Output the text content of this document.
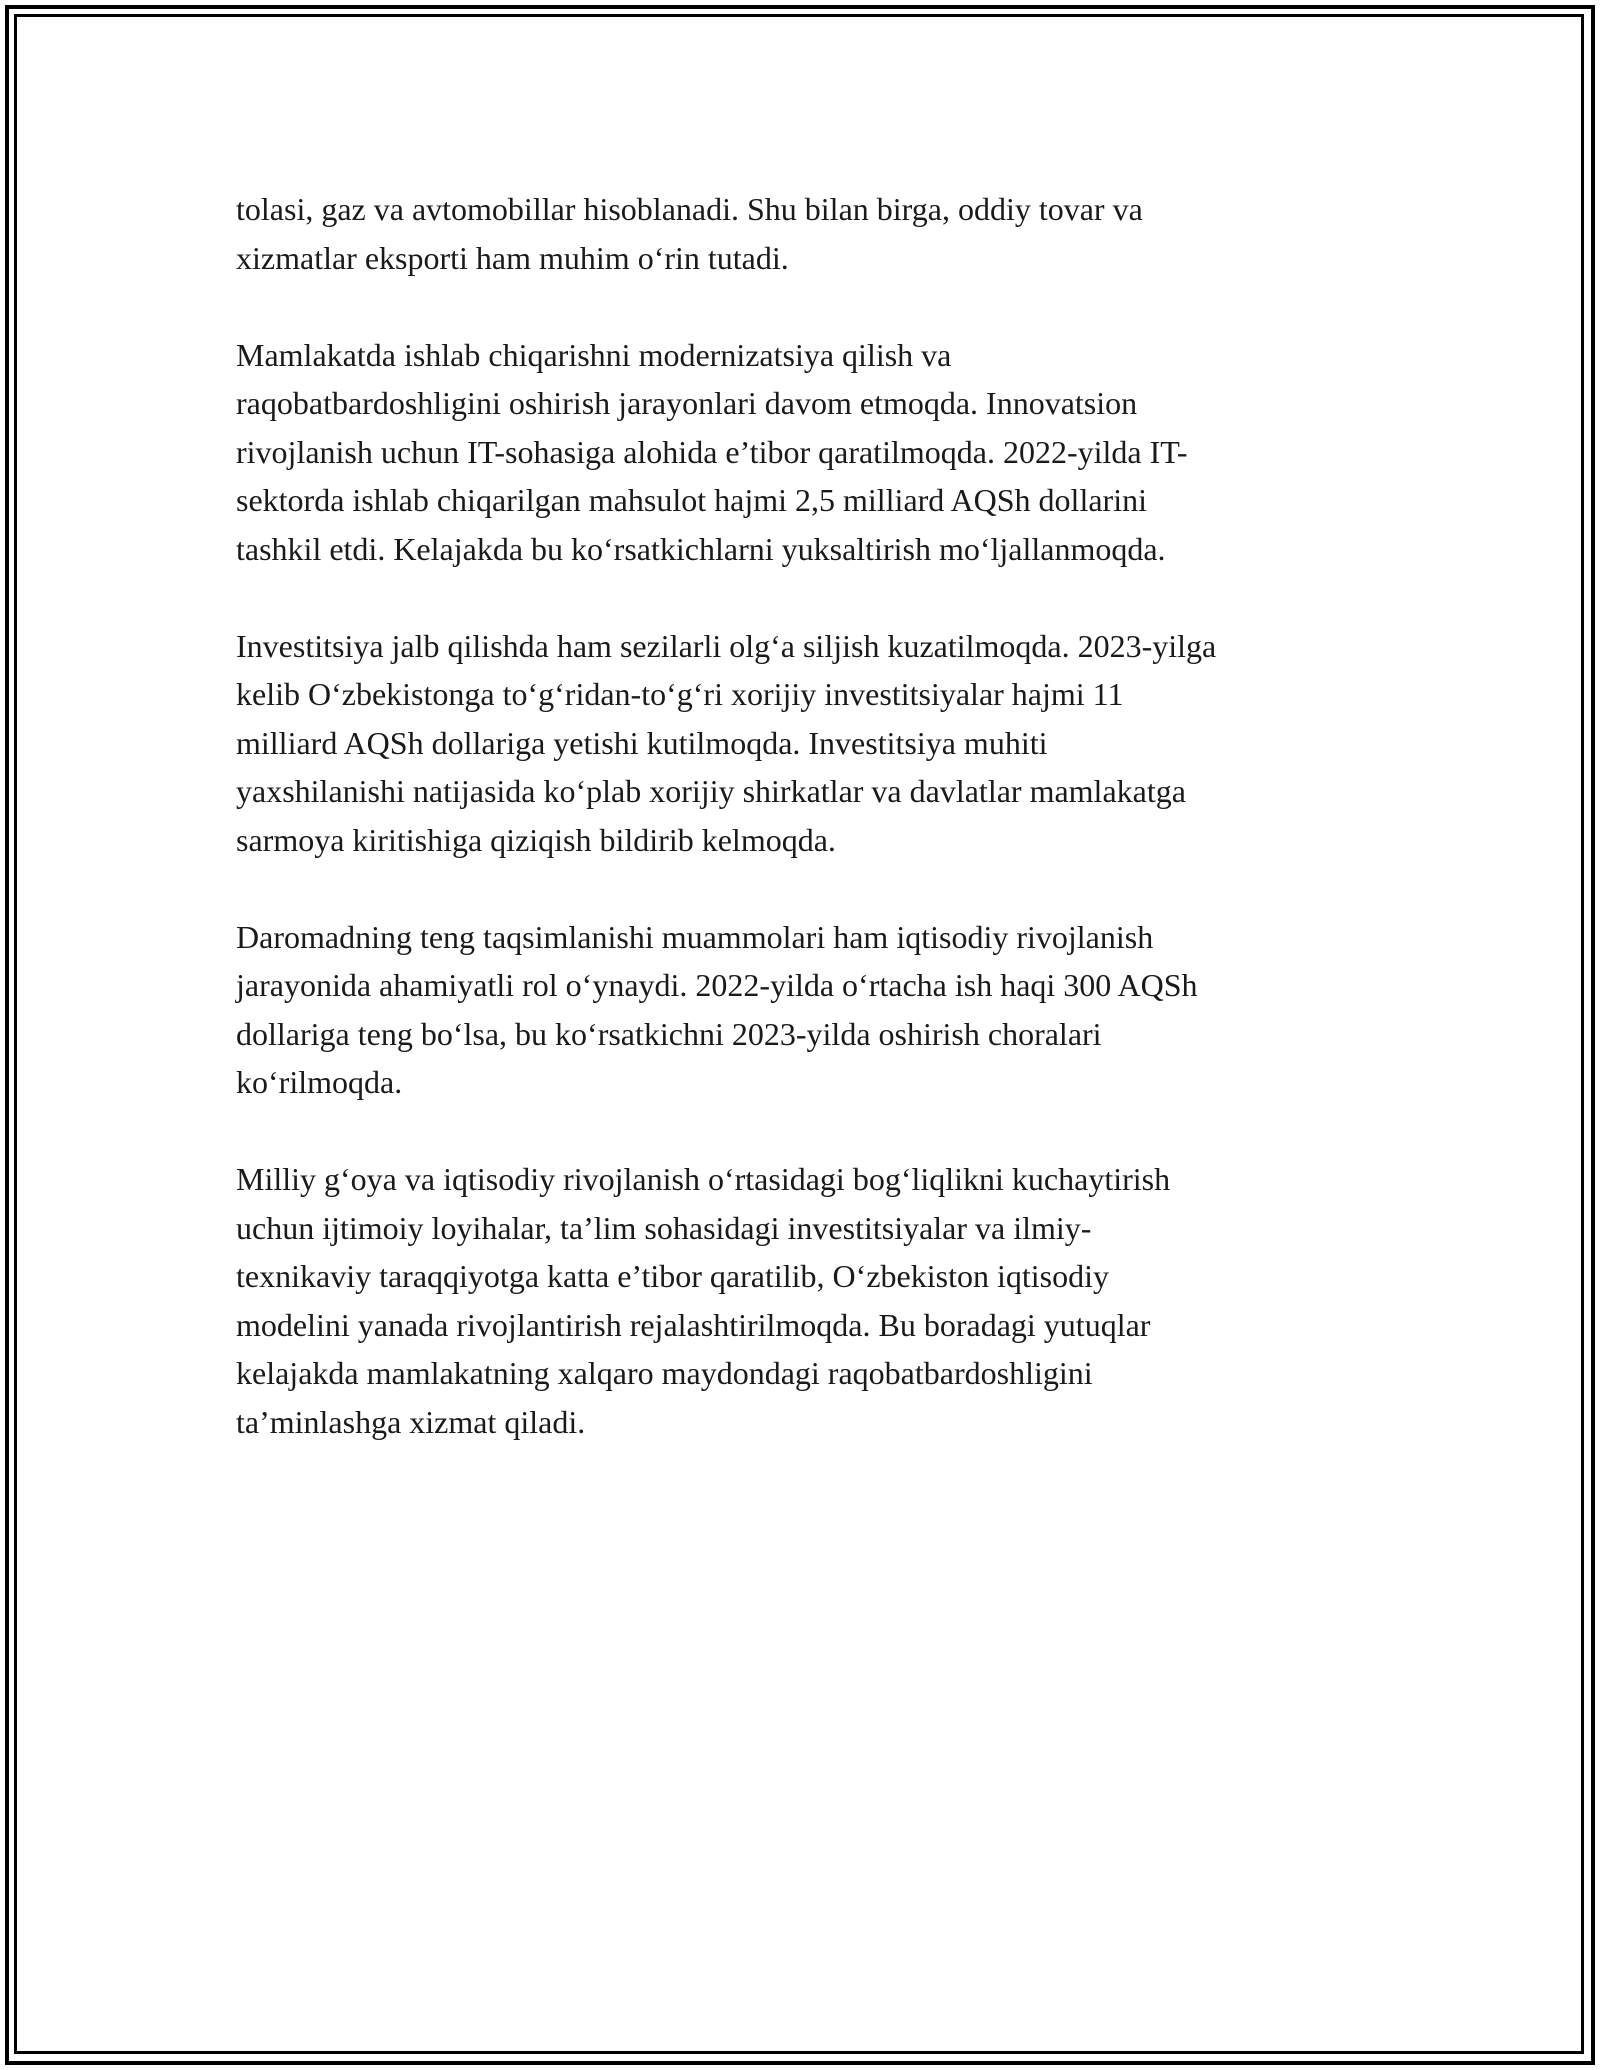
tolasi, gaz va avtomobillar hisoblanadi. Shu bilan birga, oddiy tovar va
xizmatlar eksporti ham muhim o‘rin tutadi.

Mamlakatda ishlab chiqarishni modernizatsiya qilish va
raqobatbardoshligini oshirish jarayonlari davom etmoqda. Innovatsion
rivojlanish uchun IT-sohasiga alohida e’tibor qaratilmoqda. 2022-yilda IT-
sektorda ishlab chiqarilgan mahsulot hajmi 2,5 milliard AQSh dollarini
tashkil etdi. Kelajakda bu ko‘rsatkichlarni yuksaltirish mo‘ljallanmoqda.

Investitsiya jalb qilishda ham sezilarli olg‘a siljish kuzatilmoqda. 2023-yilga
kelib O‘zbekistonga to‘g‘ridan-to‘g‘ri xorijiy investitsiyalar hajmi 11
milliard AQSh dollariga yetishi kutilmoqda. Investitsiya muhiti
yaxshilanishi natijasida ko‘plab xorijiy shirkatlar va davlatlar mamlakatga
sarmoya kiritishiga qiziqish bildirib kelmoqda.

Daromadning teng taqsimlanishi muammolari ham iqtisodiy rivojlanish
jarayonida ahamiyatli rol o‘ynaydi. 2022-yilda o‘rtacha ish haqi 300 AQSh
dollariga teng bo‘lsa, bu ko‘rsatkichni 2023-yilda oshirish choralari
ko‘rilmoqda.

Milliy g‘oya va iqtisodiy rivojlanish o‘rtasidagi bog‘liqlikni kuchaytirish
uchun ijtimoiy loyihalar, ta’lim sohasidagi investitsiyalar va ilmiy-
texnikaviy taraqqiyotga katta e’tibor qaratilib, O‘zbekiston iqtisodiy
modelini yanada rivojlantirish rejalashtirilmoqda. Bu boradagi yutuqlar
kelajakda mamlakatning xalqaro maydondagi raqobatbardoshligini
ta’minlashga xizmat qiladi.
